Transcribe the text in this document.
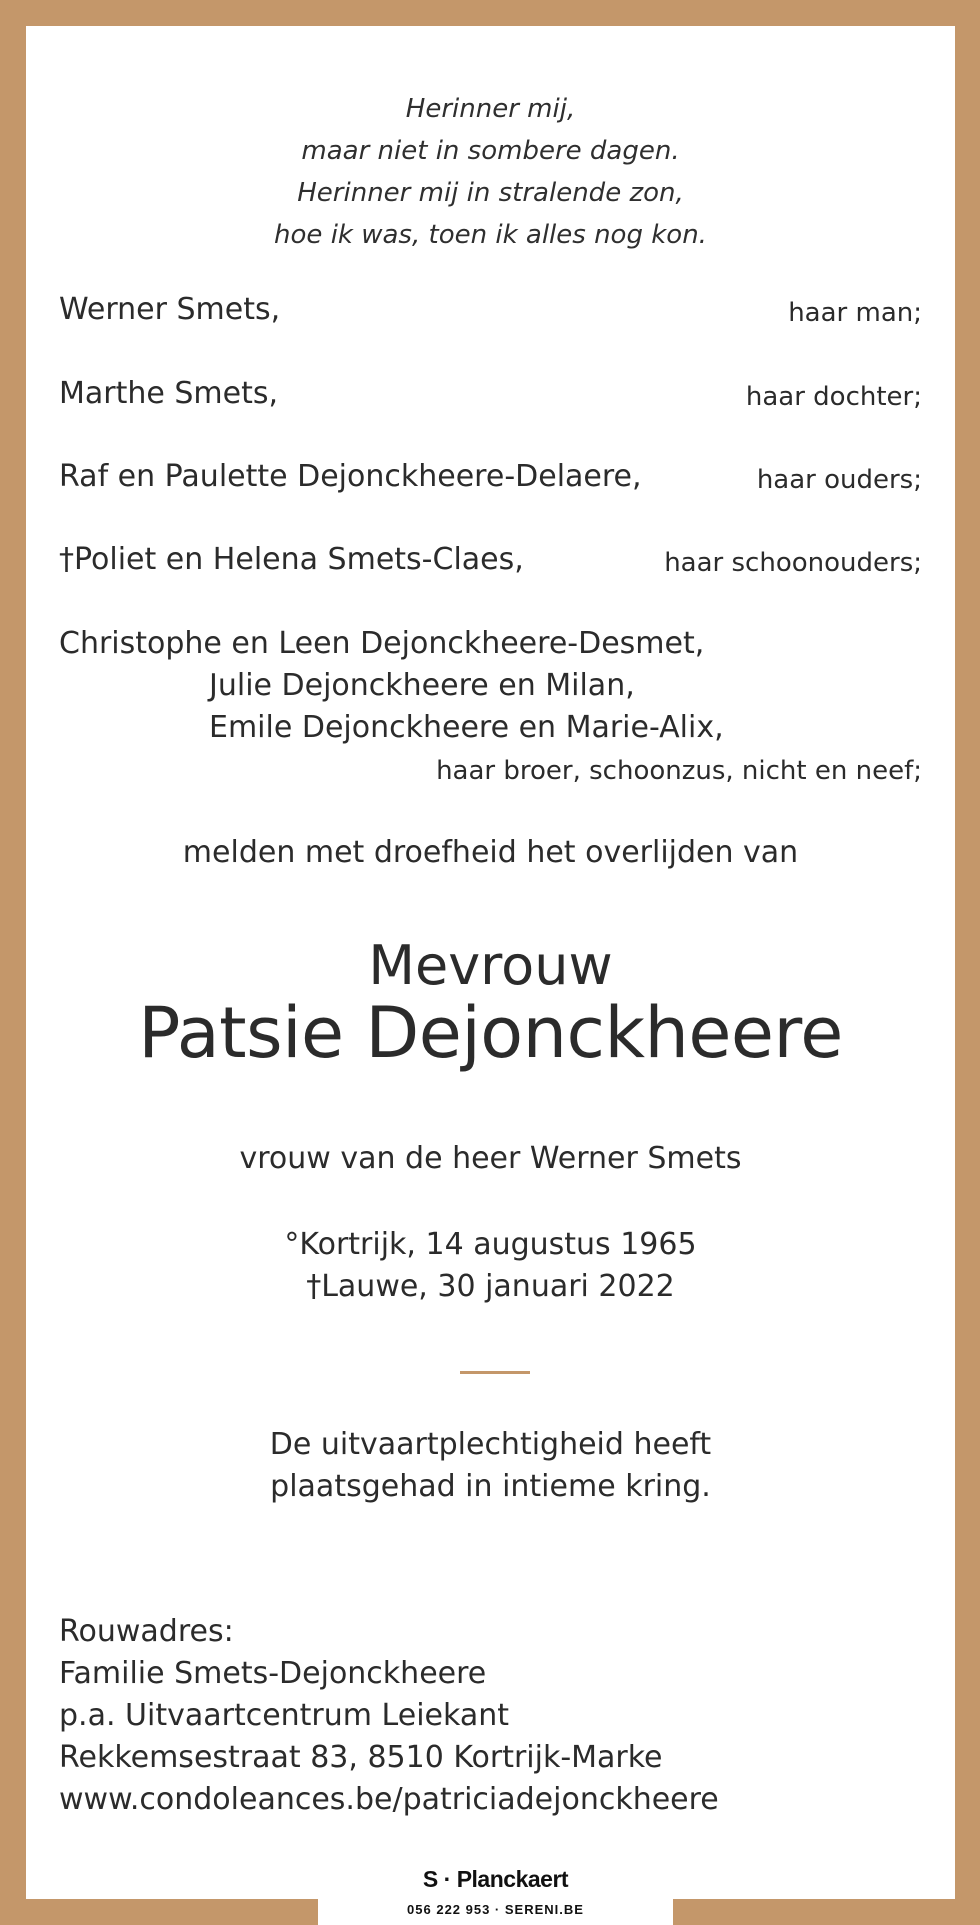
Herinner mij,
maar niet in sombere dagen.
Herinner mij in stralende zon,
hoe ik was, toen ik alles nog kon.
Werner Smets,	haar man;
Marthe Smets,	haar dochter;
Raf en Paulette Dejonckheere-Delaere,	haar ouders;
†Poliet en Helena Smets-Claes,	haar schoonouders;
Christophe en Leen Dejonckheere-Desmet,
Julie Dejonckheere en Milan,
Emile Dejonckheere en Marie-Alix,
haar broer, schoonzus, nicht en neef;
melden met droefheid het overlijden van
Mevrouw
Patsie Dejonckheere
vrouw van de heer Werner Smets
°Kortrijk, 14 augustus 1965
†Lauwe, 30 januari 2022
De uitvaartplechtigheid heeft
plaatsgehad in intieme kring.
Rouwadres:
Familie Smets-Dejonckheere
p.a. Uitvaartcentrum Leiekant
Rekkemsestraat 83, 8510 Kortrijk-Marke
www.condoleances.be/patriciadejonckheere
S · Planckaert
056 222 953 · SERENI.BE
